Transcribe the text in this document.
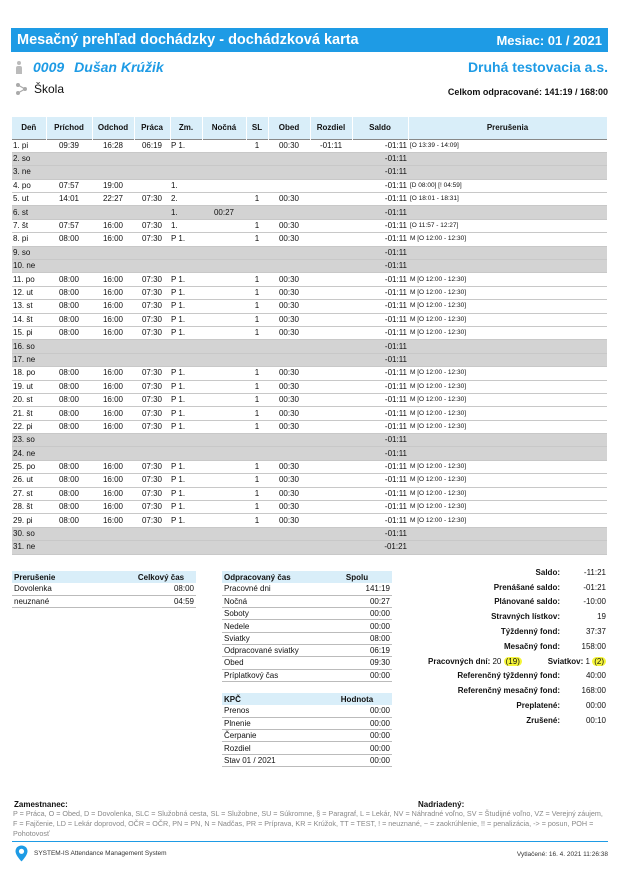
Mesačný prehľad dochádzky - dochádzková karta	Mesiac: 01 / 2021
0009 Dušan Krúžik	Druhá testovacia a.s.
Škola	Celkom odpracované: 141:19 / 168:00
Deň	Príchod	Odchod	Práca	Zm.	Nočná	SL	Obed	Rozdiel	Saldo	Prerušenia
1. pi	09:39	16:28	06:19	P 1.		1	00:30	-01:11	-01:11	[O 13:39 - 14:09]
2. so									-01:11	
3. ne									-01:11	
4. po	07:57	19:00		1.					-01:11	[D 08:00] [! 04:59]
5. ut	14:01	22:27	07:30	2.		1	00:30		-01:11	[O 18:01 - 18:31]
6. st				1.	00:27				-01:11	
7. št	07:57	16:00	07:30	1.		1	00:30		-01:11	[O 11:57 - 12:27]
8. pi	08:00	16:00	07:30	P 1.		1	00:30		-01:11	M [O 12:00 - 12:30]
9. so									-01:11	
10. ne									-01:11	
11. po	08:00	16:00	07:30	P 1.		1	00:30		-01:11	M [O 12:00 - 12:30]
12. ut	08:00	16:00	07:30	P 1.		1	00:30		-01:11	M [O 12:00 - 12:30]
13. st	08:00	16:00	07:30	P 1.		1	00:30		-01:11	M [O 12:00 - 12:30]
14. št	08:00	16:00	07:30	P 1.		1	00:30		-01:11	M [O 12:00 - 12:30]
15. pi	08:00	16:00	07:30	P 1.		1	00:30		-01:11	M [O 12:00 - 12:30]
16. so									-01:11	
17. ne									-01:11	
18. po	08:00	16:00	07:30	P 1.		1	00:30		-01:11	M [O 12:00 - 12:30]
19. ut	08:00	16:00	07:30	P 1.		1	00:30		-01:11	M [O 12:00 - 12:30]
20. st	08:00	16:00	07:30	P 1.		1	00:30		-01:11	M [O 12:00 - 12:30]
21. št	08:00	16:00	07:30	P 1.		1	00:30		-01:11	M [O 12:00 - 12:30]
22. pi	08:00	16:00	07:30	P 1.		1	00:30		-01:11	M [O 12:00 - 12:30]
23. so									-01:11	
24. ne									-01:11	
25. po	08:00	16:00	07:30	P 1.		1	00:30		-01:11	M [O 12:00 - 12:30]
26. ut	08:00	16:00	07:30	P 1.		1	00:30		-01:11	M [O 12:00 - 12:30]
27. st	08:00	16:00	07:30	P 1.		1	00:30		-01:11	M [O 12:00 - 12:30]
28. št	08:00	16:00	07:30	P 1.		1	00:30		-01:11	M [O 12:00 - 12:30]
29. pi	08:00	16:00	07:30	P 1.		1	00:30		-01:11	M [O 12:00 - 12:30]
30. so									-01:11	
31. ne									-01:21	
Prerušenie	Celkový čas
Dovolenka	08:00
neuznané	04:59
Odpracovaný čas	Spolu
Pracovné dni	141:19
Nočná	00:27
Soboty	00:00
Nedele	00:00
Sviatky	08:00
Odpracované sviatky	06:19
Obed	09:30
Príplatkový čas	00:00
KPČ	Hodnota
Prenos	00:00
Plnenie	00:00
Čerpanie	00:00
Rozdiel	00:00
Stav 01 / 2021	00:00
Saldo:	-11:21
Prenášané saldo:	-01:21
Plánované saldo:	-10:00
Stravných lístkov:	19
Týždenný fond:	37:37
Mesačný fond:	158:00
Pracovných dní: 20 (19)	Sviatkov: 1 (2)
Referenčný týždenný fond:	40:00
Referenčný mesačný fond:	168:00
Preplatené:	00:00
Zrušené:	00:10
Zamestnanec:	Nadriadený:
P = Práca, O = Obed, D = Dovolenka, SLC = Služobná cesta, SL = Služobne, SU = Súkromne, § = Paragraf, L = Lekár, NV = Náhradné voľno, SV = Študijné voľno, VZ = Verejný záujem, F = Fajčenie, LD = Lekár doprovod, OČR = OČR, PN = PN, N = Nadčas, PR = Príprava, KR = Krúžok, TT = TEST, ! = neuznané, ~ = zaokrúhlenie, !! = penalizácia, -> = posun, POH = Pohotovosť
SYSTEM-IS Attendance Management System	Vytlačené: 16. 4. 2021 11:26:38
